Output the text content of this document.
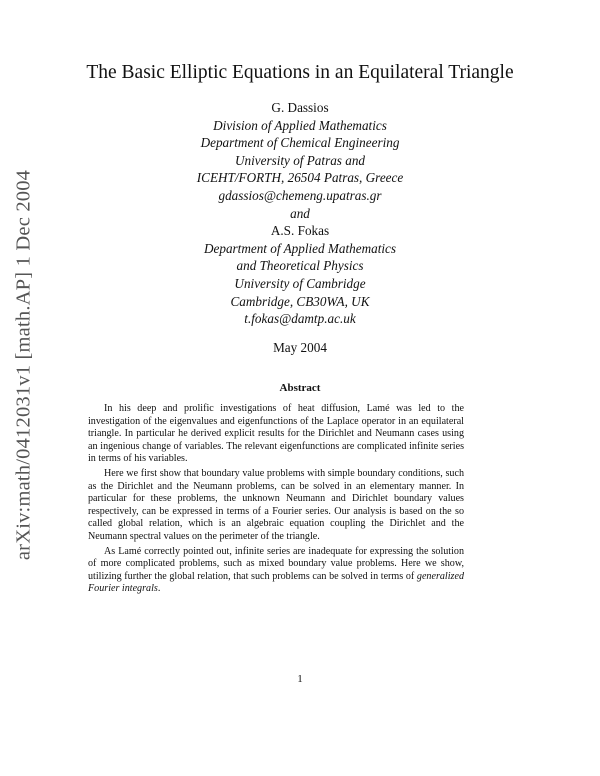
arXiv:math/0412031v1 [math.AP] 1 Dec 2004
The Basic Elliptic Equations in an Equilateral Triangle
G. Dassios
Division of Applied Mathematics
Department of Chemical Engineering
University of Patras and
ICEHT/FORTH, 26504 Patras, Greece
gdassios@chemeng.upatras.gr
and
A.S. Fokas
Department of Applied Mathematics
and Theoretical Physics
University of Cambridge
Cambridge, CB30WA, UK
t.fokas@damtp.ac.uk
May 2004
Abstract

In his deep and prolific investigations of heat diffusion, Lamé was led to the investigation of the eigenvalues and eigenfunctions of the Laplace operator in an equilateral triangle. In particular he derived explicit results for the Dirichlet and Neumann cases using an ingenious change of variables. The relevant eigenfunctions are complicated infinite series in terms of his variables.

Here we first show that boundary value problems with simple boundary conditions, such as the Dirichlet and the Neumann problems, can be solved in an elementary manner. In particular for these problems, the unknown Neumann and Dirichlet boundary values respectively, can be expressed in terms of a Fourier series. Our analysis is based on the so called global relation, which is an algebraic equation coupling the Dirichlet and the Neumann spectral values on the perimeter of the triangle.

As Lamé correctly pointed out, infinite series are inadequate for expressing the solution of more complicated problems, such as mixed boundary value problems. Here we show, utilizing further the global relation, that such problems can be solved in terms of generalized Fourier integrals.

1
